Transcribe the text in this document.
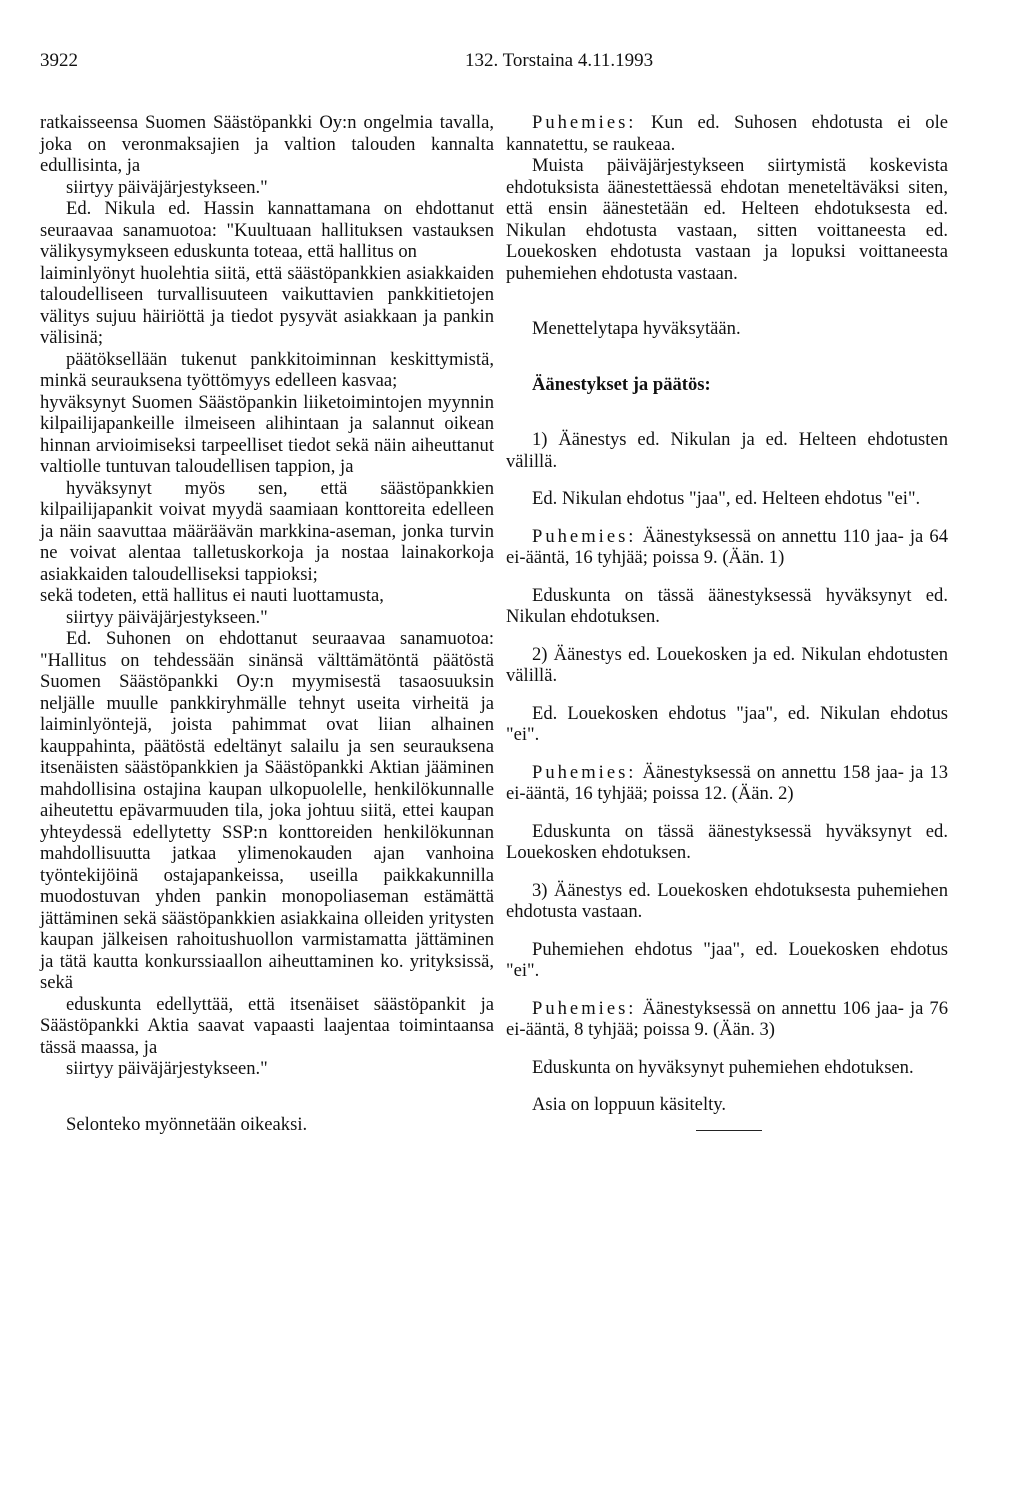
3922	132. Torstaina 4.11.1993

ratkaisseensa Suomen Säästöpankki Oy:n ongelmia tavalla, joka on veronmaksajien ja valtion talouden kannalta edullisinta, ja

siirtyy päiväjärjestykseen."

Ed. Nikula ed. Hassin kannattamana on ehdottanut seuraavaa sanamuotoa: "Kuultuaan hallituksen vastauksen välikysymykseen eduskunta toteaa, että hallitus on

laiminlyönyt huolehtia siitä, että säästöpankkien asiakkaiden taloudelliseen turvallisuuteen vaikuttavien pankkitietojen välitys sujuu häiriöttä ja tiedot pysyvät asiakkaan ja pankin välisinä;

päätöksellään tukenut pankkitoiminnan keskittymistä, minkä seurauksena työttömyys edelleen kasvaa;

hyväksynyt Suomen Säästöpankin liiketoimintojen myynnin kilpailijapankeille ilmeiseen alihintaan ja salannut oikean hinnan arvioimiseksi tarpeelliset tiedot sekä näin aiheuttanut valtiolle tuntuvan taloudellisen tappion, ja

hyväksynyt myös sen, että säästöpankkien kilpailijapankit voivat myydä saamiaan konttoreita edelleen ja näin saavuttaa määräävän markkina-aseman, jonka turvin ne voivat alentaa talletuskorkoja ja nostaa lainakorkoja asiakkaiden taloudelliseksi tappioksi;

sekä todeten, että hallitus ei nauti luottamusta,

siirtyy päiväjärjestykseen."

Ed. Suhonen on ehdottanut seuraavaa sanamuotoa: "Hallitus on tehdessään sinänsä välttämätöntä päätöstä Suomen Säästöpankki Oy:n myymisestä tasaosuuksin neljälle muulle pankkiryhmälle tehnyt useita virheitä ja laiminlyöntejä, joista pahimmat ovat liian alhainen kauppahinta, päätöstä edeltänyt salailu ja sen seurauksena itsenäisten säästöpankkien ja Säästöpankki Aktian jääminen mahdollisina ostajina kaupan ulkopuolelle, henkilökunnalle aiheutettu epävarmuuden tila, joka johtuu siitä, ettei kaupan yhteydessä edellytetty SSP:n konttoreiden henkilökunnan mahdollisuutta jatkaa ylimenokauden ajan vanhoina työntekijöinä ostajapankeissa, useilla paikkakunnilla muodostuvan yhden pankin monopoliaseman estämättä jättäminen sekä säästöpankkien asiakkaina olleiden yritysten kaupan jälkeisen rahoitushuollon varmistamatta jättäminen ja tätä kautta konkurssiaallon aiheuttaminen ko. yrityksissä, sekä

eduskunta edellyttää, että itsenäiset säästöpankit ja Säästöpankki Aktia saavat vapaasti laajentaa toimintaansa tässä maassa, ja

siirtyy päiväjärjestykseen."

Selonteko myönnetään oikeaksi.

Puhemies: Kun ed. Suhosen ehdotusta ei ole kannatettu, se raukeaa.

Muista päiväjärjestykseen siirtymistä koskevista ehdotuksista äänestettäessä ehdotan meneteltäväksi siten, että ensin äänestetään ed. Helteen ehdotuksesta ed. Nikulan ehdotusta vastaan, sitten voittaneesta ed. Louekosken ehdotusta vastaan ja lopuksi voittaneesta puhemiehen ehdotusta vastaan.

Menettelytapa hyväksytään.

Äänestykset ja päätös:

1) Äänestys ed. Nikulan ja ed. Helteen ehdotusten välillä.

Ed. Nikulan ehdotus "jaa", ed. Helteen ehdotus "ei".

Puhemies: Äänestyksessä on annettu 110 jaa- ja 64 ei-ääntä, 16 tyhjää; poissa 9. (Ään. 1)

Eduskunta on tässä äänestyksessä hyväksynyt ed. Nikulan ehdotuksen.

2) Äänestys ed. Louekosken ja ed. Nikulan ehdotusten välillä.

Ed. Louekosken ehdotus "jaa", ed. Nikulan ehdotus "ei".

Puhemies: Äänestyksessä on annettu 158 jaa- ja 13 ei-ääntä, 16 tyhjää; poissa 12. (Ään. 2)

Eduskunta on tässä äänestyksessä hyväksynyt ed. Louekosken ehdotuksen.

3) Äänestys ed. Louekosken ehdotuksesta puhemiehen ehdotusta vastaan.

Puhemiehen ehdotus "jaa", ed. Louekosken ehdotus "ei".

Puhemies: Äänestyksessä on annettu 106 jaa- ja 76 ei-ääntä, 8 tyhjää; poissa 9. (Ään. 3)

Eduskunta on hyväksynyt puhemiehen ehdotuksen.

Asia on loppuun käsitelty.
